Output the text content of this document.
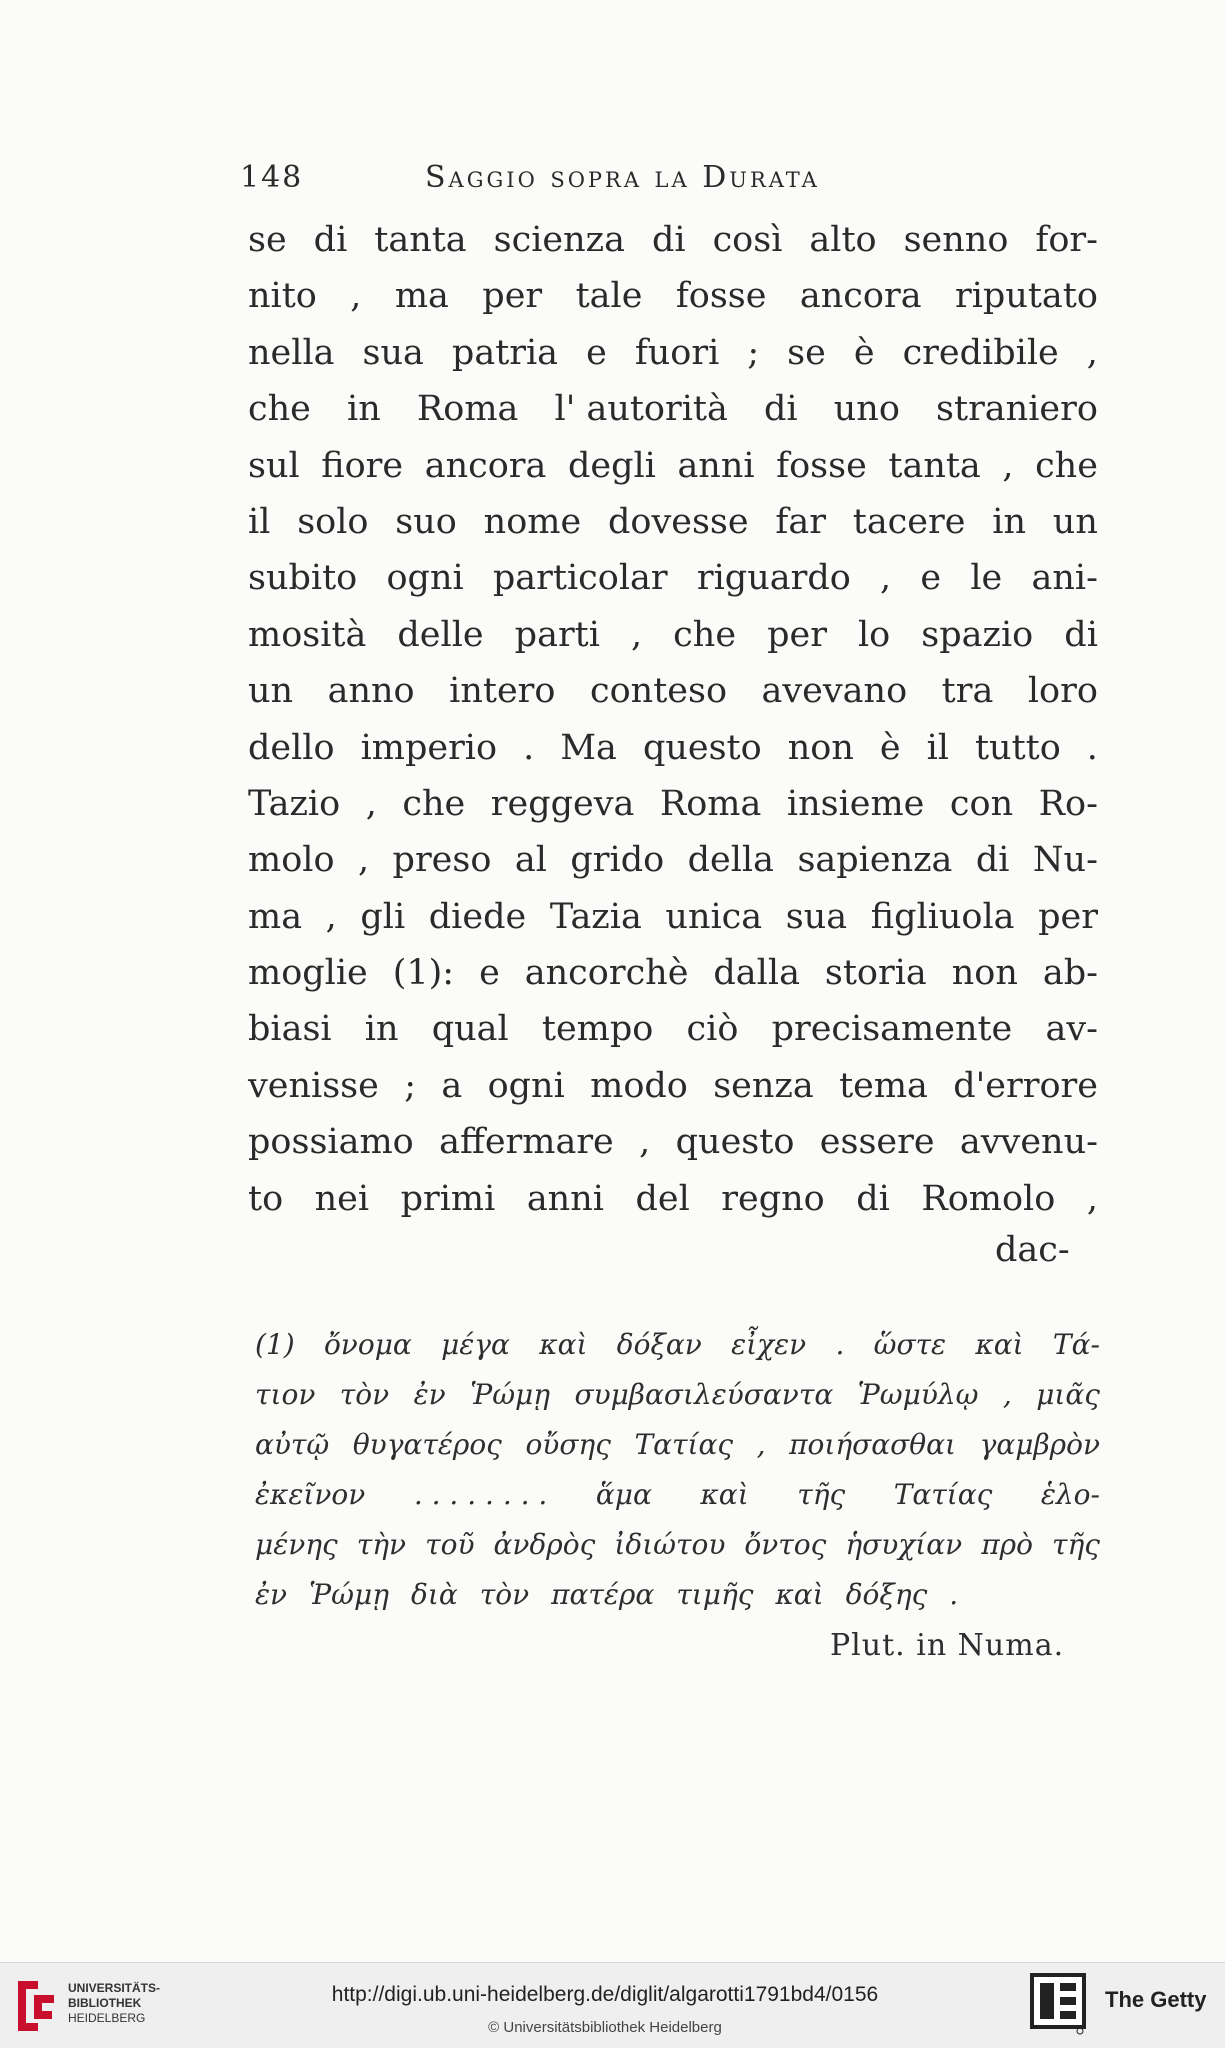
148	Saggio sopra la Durata
se di tanta scienza di così alto senno for-
nito , ma per tale fosse ancora riputato
nella sua patria e fuori ; se è credibile ,
che in Roma l' autorità di uno straniero
sul fiore ancora degli anni fosse tanta , che
il solo suo nome dovesse far tacere in un
subito ogni particolar riguardo , e le ani-
mosità delle parti , che per lo spazio di
un anno intero conteso avevano tra loro
dello imperio . Ma questo non è il tutto .
Tazio , che reggeva Roma insieme con Ro-
molo , preso al grido della sapienza di Nu-
ma , gli diede Tazia unica sua figliuola per
moglie (1): e ancorchè dalla storia non ab-
biasi in qual tempo ciò precisamente av-
venisse ; a ogni modo senza tema d'errore
possiamo affermare , questo essere avvenu-
to nei primi anni del regno di Romolo ,
dac-
(1) ὄνομα μέγα καὶ δόξαν εἶχεν . ὥστε καὶ Τά-
τιον τὸν ἐν Ῥώμῃ συμβασιλεύσαντα Ῥωμύλῳ , μιᾶς
αὐτῷ θυγατέρος οὔσης Τατίας , ποιήσασθαι γαμβρὸν
ἐκεῖνον . . . . . . . . ἅμα καὶ τῆς Τατίας ἑλο-
μένης τὴν τοῦ ἀνδρὸς ἰδιώτου ὄντος ἡσυχίαν πρὸ τῆς
ἐν Ῥώμῃ διὰ τὸν πατέρα τιμῆς καὶ δόξης .
Plut. in Numa.
UNIVERSITÄTS-
BIBLIOTHEK
HEIDELBERG
http://digi.ub.uni-heidelberg.de/diglit/algarotti1791bd4/0156
© Universitätsbibliothek Heidelberg
The Getty
